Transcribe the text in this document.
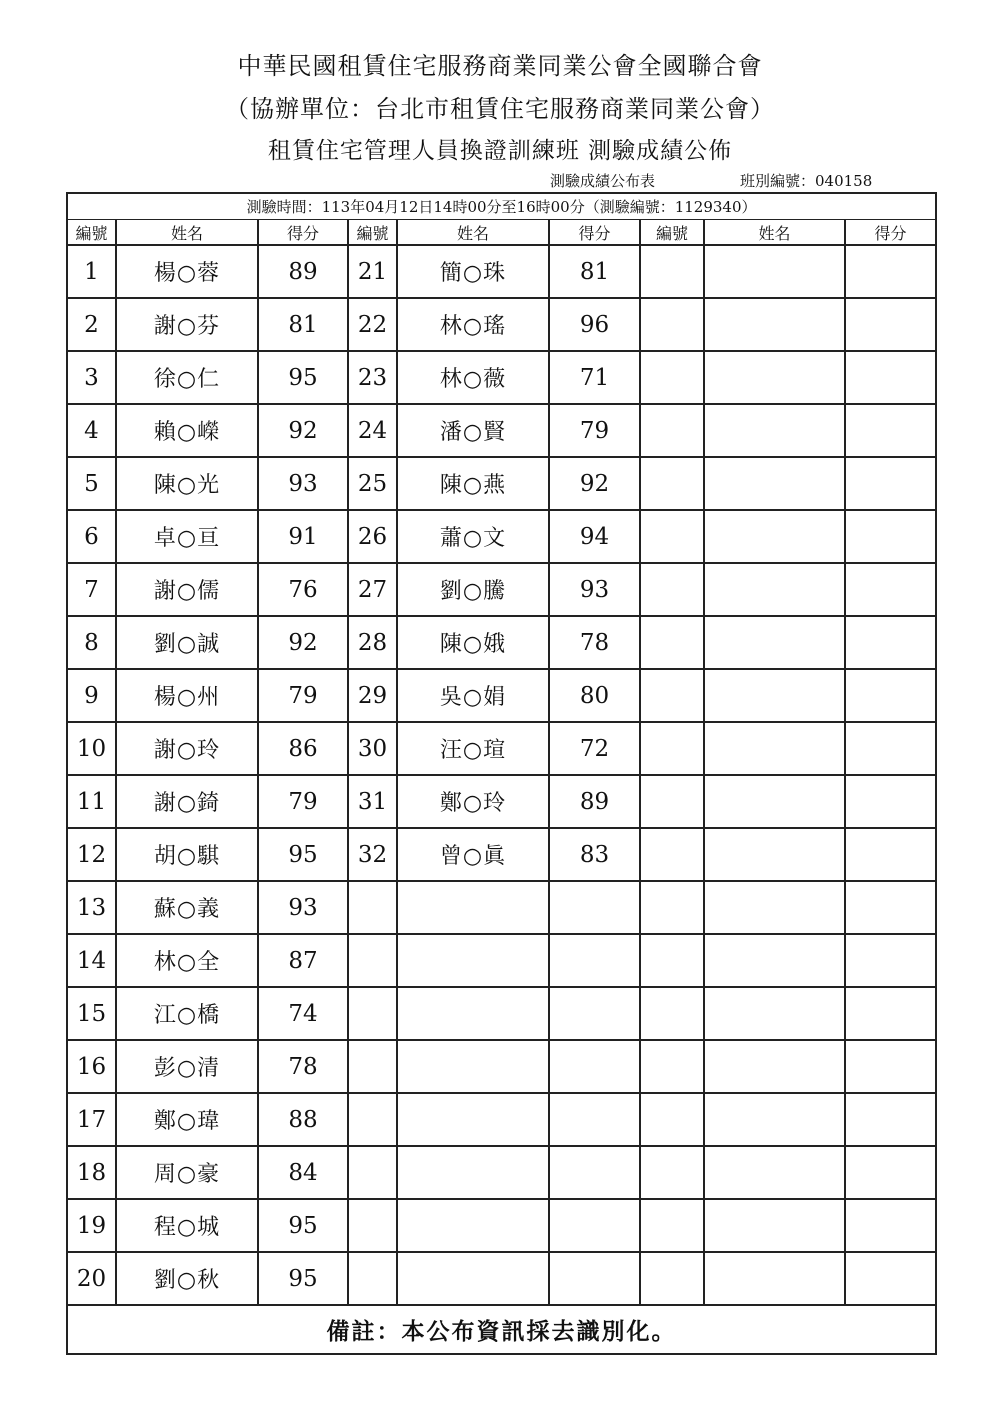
中華民國租賃住宅服務商業同業公會全國聯合會
（協辦單位：台北市租賃住宅服務商業同業公會）
租賃住宅管理人員換證訓練班 測驗成績公佈
測驗成績公布表	班別編號：040158
測驗時間：113年04月12日14時00分至16時00分（測驗編號：1129340）								
編號	姓名	得分	編號	姓名	得分	編號	姓名	得分
1	楊○蓉	89	21	簡○珠	81			
2	謝○芬	81	22	林○瑤	96			
3	徐○仁	95	23	林○薇	71			
4	賴○嶸	92	24	潘○賢	79			
5	陳○光	93	25	陳○燕	92			
6	卓○亘	91	26	蕭○文	94			
7	謝○儒	76	27	劉○騰	93			
8	劉○誠	92	28	陳○娥	78			
9	楊○州	79	29	吳○娟	80			
10	謝○玲	86	30	汪○瑄	72			
11	謝○錡	79	31	鄭○玲	89			
12	胡○騏	95	32	曾○眞	83			
13	蘇○義	93						
14	林○全	87						
15	江○橋	74						
16	彭○清	78						
17	鄭○瑋	88						
18	周○豪	84						
19	程○城	95						
20	劉○秋	95						
備註：本公布資訊採去識別化。								
